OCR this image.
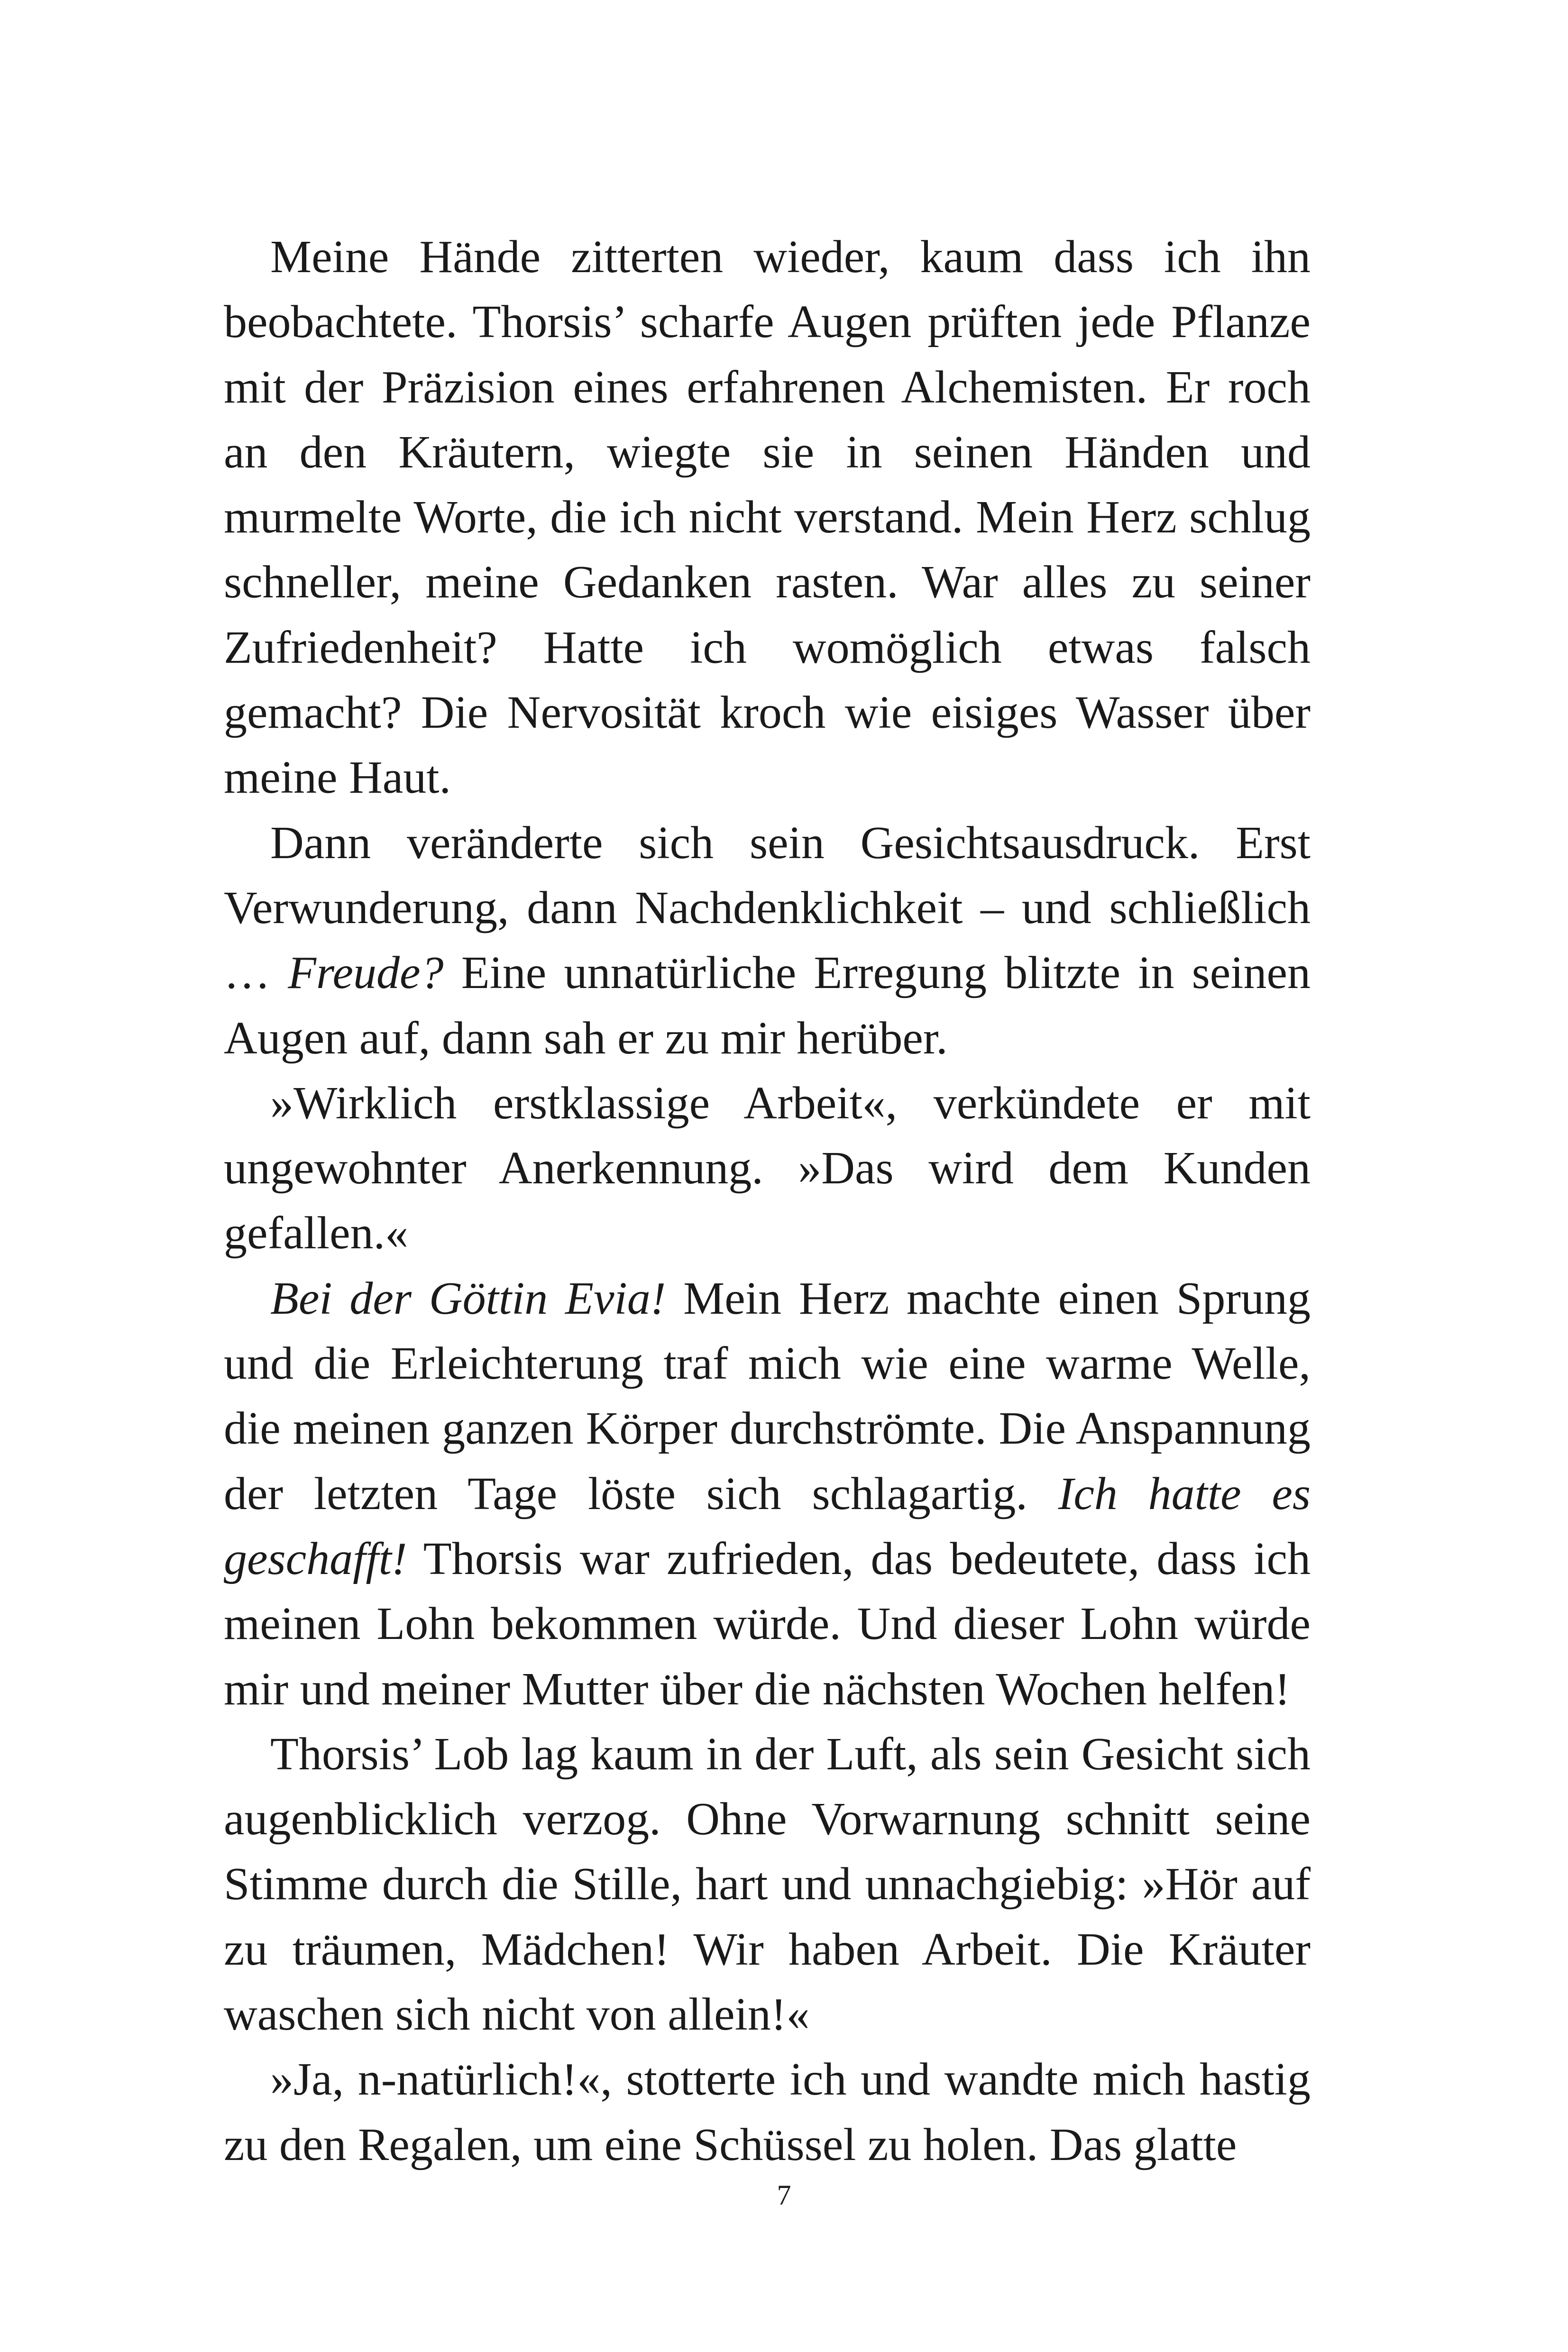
Meine Hände zitterten wieder, kaum dass ich ihn beobachtete. Thorsis’ scharfe Augen prüften jede Pflanze mit der Präzision eines erfahrenen Alchemisten. Er roch an den Kräutern, wiegte sie in seinen Händen und murmelte Worte, die ich nicht verstand. Mein Herz schlug schneller, meine Gedanken rasten. War alles zu seiner Zufriedenheit? Hatte ich womöglich etwas falsch gemacht? Die Nervosität kroch wie eisiges Wasser über meine Haut.

Dann veränderte sich sein Gesichtsausdruck. Erst Verwunderung, dann Nachdenklichkeit – und schließlich … Freude? Eine unnatürliche Erregung blitzte in seinen Augen auf, dann sah er zu mir herüber.

»Wirklich erstklassige Arbeit«, verkündete er mit ungewohnter Anerkennung. »Das wird dem Kunden gefallen.«

Bei der Göttin Evia! Mein Herz machte einen Sprung und die Erleichterung traf mich wie eine warme Welle, die meinen ganzen Körper durchströmte. Die Anspannung der letzten Tage löste sich schlagartig. Ich hatte es geschafft! Thorsis war zufrieden, das bedeutete, dass ich meinen Lohn bekommen würde. Und dieser Lohn würde mir und meiner Mutter über die nächsten Wochen helfen!

Thorsis’ Lob lag kaum in der Luft, als sein Gesicht sich augenblicklich verzog. Ohne Vorwarnung schnitt seine Stimme durch die Stille, hart und unnachgiebig: »Hör auf zu träumen, Mädchen! Wir haben Arbeit. Die Kräuter waschen sich nicht von allein!«

»Ja, n-natürlich!«, stotterte ich und wandte mich hastig zu den Regalen, um eine Schüssel zu holen. Das glatte

7
